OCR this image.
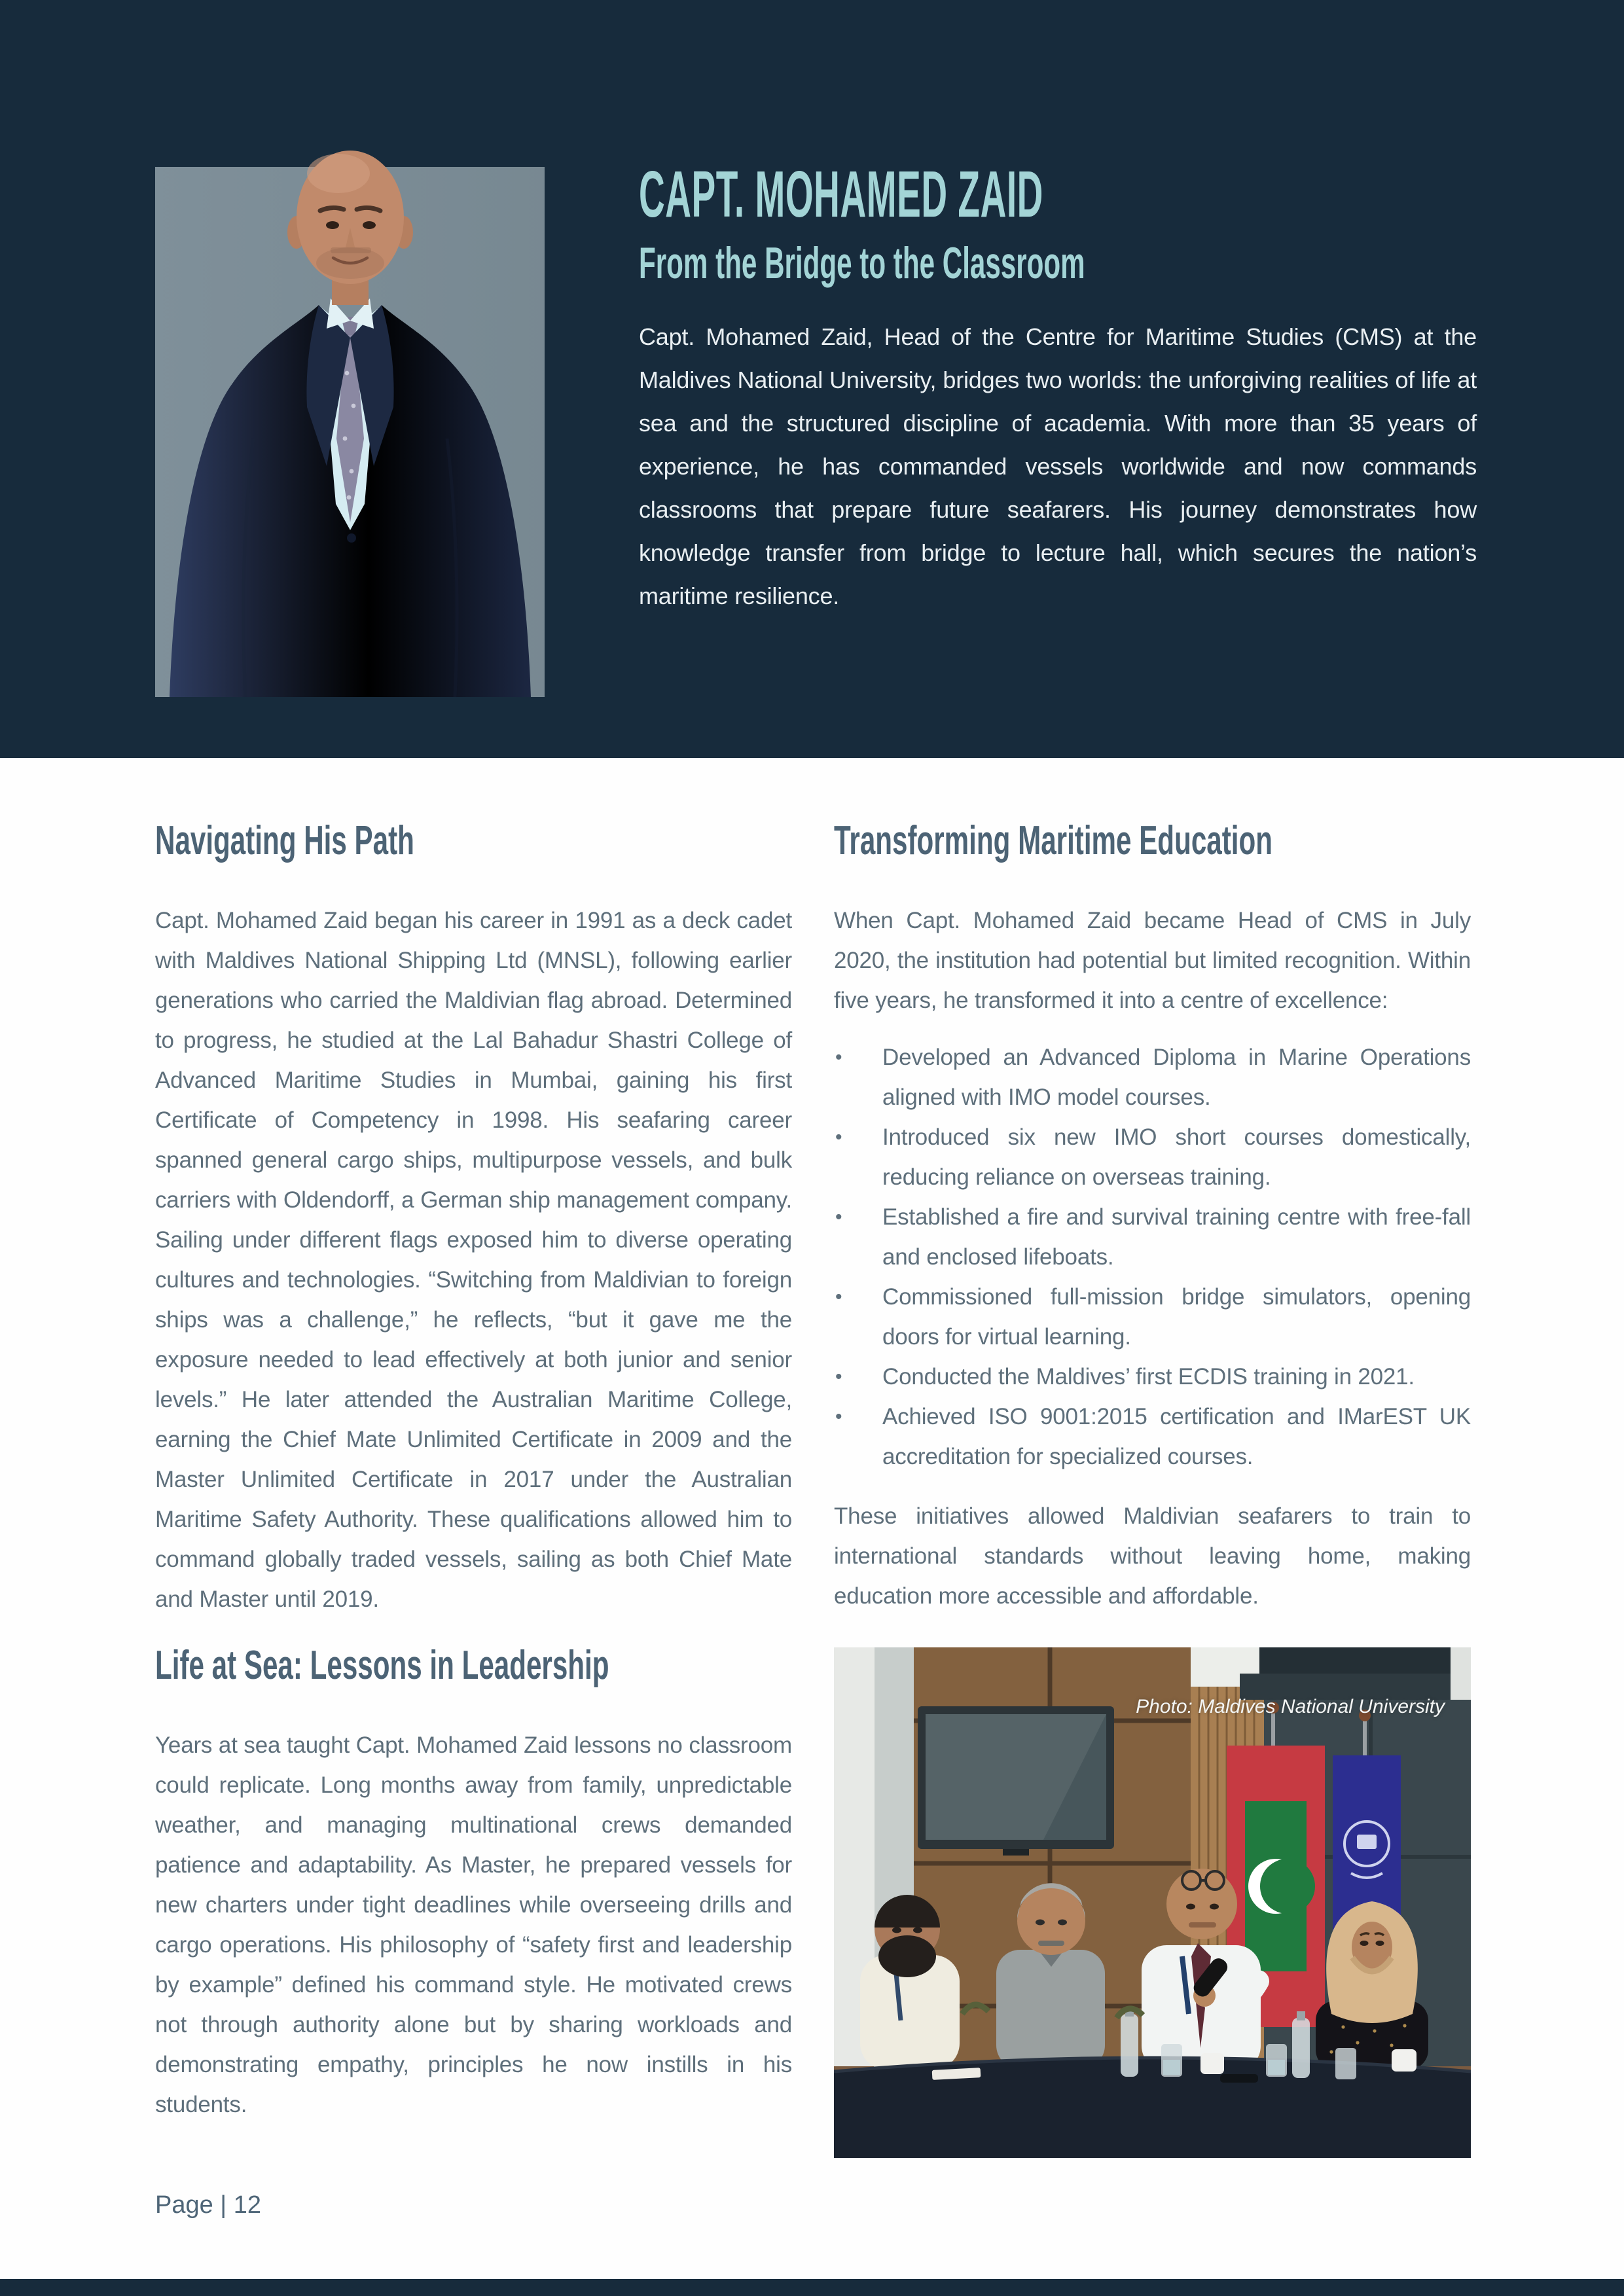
CAPT. MOHAMED ZAID
From the Bridge to the Classroom

Capt. Mohamed Zaid, Head of the Centre for Maritime Studies (CMS) at the Maldives National University, bridges two worlds: the unforgiving realities of life at sea and the structured discipline of academia. With more than 35 years of experience, he has commanded vessels worldwide and now commands classrooms that prepare future seafarers. His journey demonstrates how knowledge transfer from bridge to lecture hall, which secures the nation’s maritime resilience.

Navigating His Path

Capt. Mohamed Zaid began his career in 1991 as a deck cadet with Maldives National Shipping Ltd (MNSL), following earlier generations who carried the Maldivian flag abroad. Determined to progress, he studied at the Lal Bahadur Shastri College of Advanced Maritime Studies in Mumbai, gaining his first Certificate of Competency in 1998. His seafaring career spanned general cargo ships, multipurpose vessels, and bulk carriers with Oldendorff, a German ship management company. Sailing under different flags exposed him to diverse operating cultures and technologies. “Switching from Maldivian to foreign ships was a challenge,” he reflects, “but it gave me the exposure needed to lead effectively at both junior and senior levels.” He later attended the Australian Maritime College, earning the Chief Mate Unlimited Certificate in 2009 and the Master Unlimited Certificate in 2017 under the Australian Maritime Safety Authority. These qualifications allowed him to command globally traded vessels, sailing as both Chief Mate and Master until 2019.

Life at Sea: Lessons in Leadership

Years at sea taught Capt. Mohamed Zaid lessons no classroom could replicate. Long months away from family, unpredictable weather, and managing multinational crews demanded patience and adaptability. As Master, he prepared vessels for new charters under tight deadlines while overseeing drills and cargo operations. His philosophy of “safety first and leadership by example” defined his command style. He motivated crews not through authority alone but by sharing workloads and demonstrating empathy, principles he now instills in his students.

Transforming Maritime Education

When Capt. Mohamed Zaid became Head of CMS in July 2020, the institution had potential but limited recognition. Within five years, he transformed it into a centre of excellence:

• Developed an Advanced Diploma in Marine Operations aligned with IMO model courses.
• Introduced six new IMO short courses domestically, reducing reliance on overseas training.
• Established a fire and survival training centre with free-fall and enclosed lifeboats.
• Commissioned full-mission bridge simulators, opening doors for virtual learning.
• Conducted the Maldives’ first ECDIS training in 2021.
• Achieved ISO 9001:2015 certification and IMarEST UK accreditation for specialized courses.

These initiatives allowed Maldivian seafarers to train to international standards without leaving home, making education more accessible and affordable.

Photo: Maldives National University
Page | 12
